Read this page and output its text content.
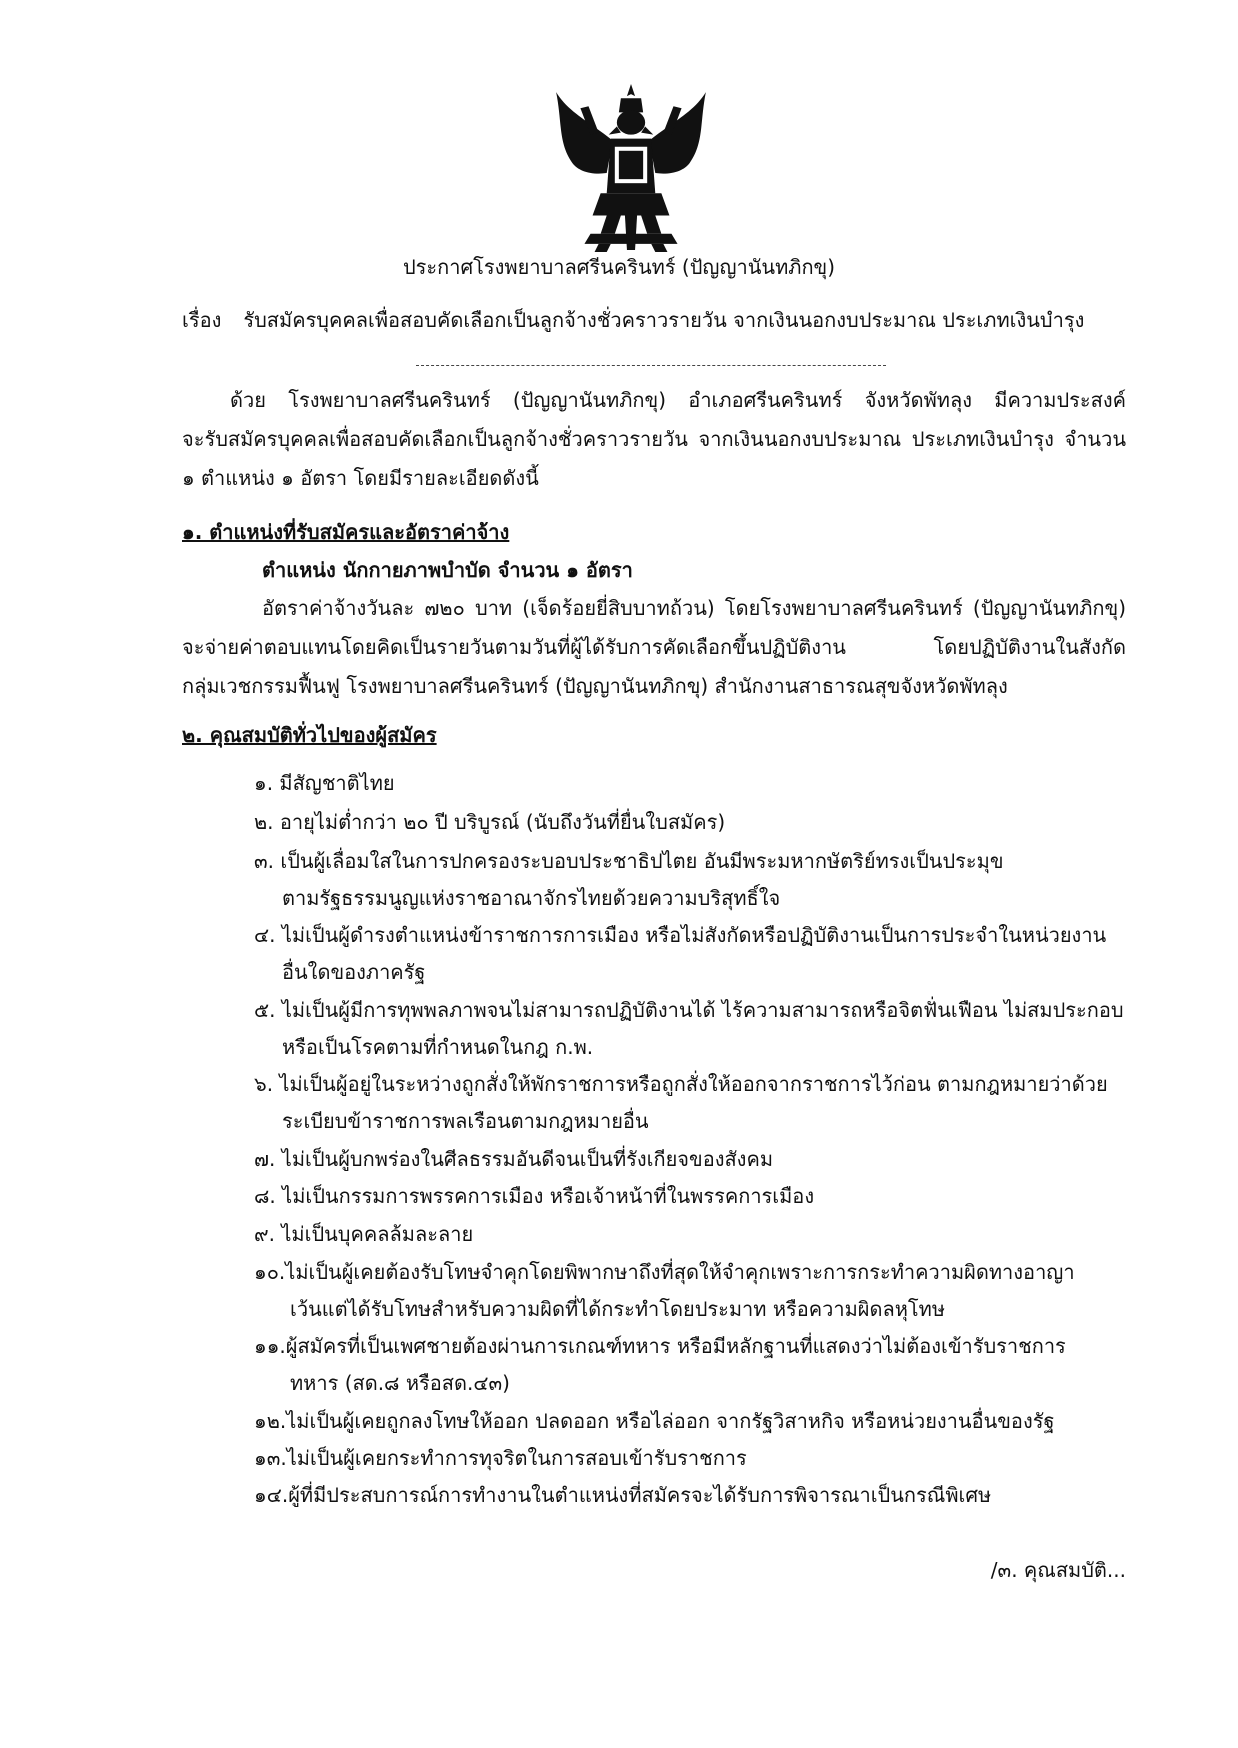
ประกาศโรงพยาบาลศรีนครินทร์ (ปัญญานันทภิกขุ)
เรื่อง รับสมัครบุคคลเพื่อสอบคัดเลือกเป็นลูกจ้างชั่วคราวรายวัน จากเงินนอกงบประมาณ ประเภทเงินบำรุง
ด้วย โรงพยาบาลศรีนครินทร์ (ปัญญานันทภิกขุ) อำเภอศรีนครินทร์ จังหวัดพัทลุง มีความประสงค์
จะรับสมัครบุคคลเพื่อสอบคัดเลือกเป็นลูกจ้างชั่วคราวรายวัน จากเงินนอกงบประมาณ ประเภทเงินบำรุง จำนวน
๑ ตำแหน่ง ๑ อัตรา โดยมีรายละเอียดดังนี้
๑. ตำแหน่งที่รับสมัครและอัตราค่าจ้าง
ตำแหน่ง นักกายภาพบำบัด จำนวน ๑ อัตรา
อัตราค่าจ้างวันละ ๗๒๐ บาท (เจ็ดร้อยยี่สิบบาทถ้วน) โดยโรงพยาบาลศรีนครินทร์ (ปัญญานันทภิกขุ)
จะจ่ายค่าตอบแทนโดยคิดเป็นรายวันตามวันที่ผู้ได้รับการคัดเลือกขึ้นปฏิบัติงาน โดยปฏิบัติงานในสังกัด
กลุ่มเวชกรรมฟื้นฟู โรงพยาบาลศรีนครินทร์ (ปัญญานันทภิกขุ) สำนักงานสาธารณสุขจังหวัดพัทลุง
๒. คุณสมบัติทั่วไปของผู้สมัคร
๑. มีสัญชาติไทย
๒. อายุไม่ต่ำกว่า ๒๐ ปี บริบูรณ์ (นับถึงวันที่ยื่นใบสมัคร)
๓. เป็นผู้เลื่อมใสในการปกครองระบอบประชาธิปไตย อันมีพระมหากษัตริย์ทรงเป็นประมุข
ตามรัฐธรรมนูญแห่งราชอาณาจักรไทยด้วยความบริสุทธิ์ใจ
๔. ไม่เป็นผู้ดำรงตำแหน่งข้าราชการการเมือง หรือไม่สังกัดหรือปฏิบัติงานเป็นการประจำในหน่วยงาน
อื่นใดของภาครัฐ
๕. ไม่เป็นผู้มีการทุพพลภาพจนไม่สามารถปฏิบัติงานได้ ไร้ความสามารถหรือจิตฟั่นเฟือน ไม่สมประกอบ
หรือเป็นโรคตามที่กำหนดในกฎ ก.พ.
๖. ไม่เป็นผู้อยู่ในระหว่างถูกสั่งให้พักราชการหรือถูกสั่งให้ออกจากราชการไว้ก่อน ตามกฎหมายว่าด้วย
ระเบียบข้าราชการพลเรือนตามกฎหมายอื่น
๗. ไม่เป็นผู้บกพร่องในศีลธรรมอันดีจนเป็นที่รังเกียจของสังคม
๘. ไม่เป็นกรรมการพรรคการเมือง หรือเจ้าหน้าที่ในพรรคการเมือง
๙. ไม่เป็นบุคคลล้มละลาย
๑๐.ไม่เป็นผู้เคยต้องรับโทษจำคุกโดยพิพากษาถึงที่สุดให้จำคุกเพราะการกระทำความผิดทางอาญา
เว้นแต่ได้รับโทษสำหรับความผิดที่ได้กระทำโดยประมาท หรือความผิดลหุโทษ
๑๑.ผู้สมัครที่เป็นเพศชายต้องผ่านการเกณฑ์ทหาร หรือมีหลักฐานที่แสดงว่าไม่ต้องเข้ารับราชการ
ทหาร (สด.๘ หรือสด.๔๓)
๑๒.ไม่เป็นผู้เคยถูกลงโทษให้ออก ปลดออก หรือไล่ออก จากรัฐวิสาหกิจ หรือหน่วยงานอื่นของรัฐ
๑๓.ไม่เป็นผู้เคยกระทำการทุจริตในการสอบเข้ารับราชการ
๑๔.ผู้ที่มีประสบการณ์การทำงานในตำแหน่งที่สมัครจะได้รับการพิจารณาเป็นกรณีพิเศษ
/๓. คุณสมบัติ...
